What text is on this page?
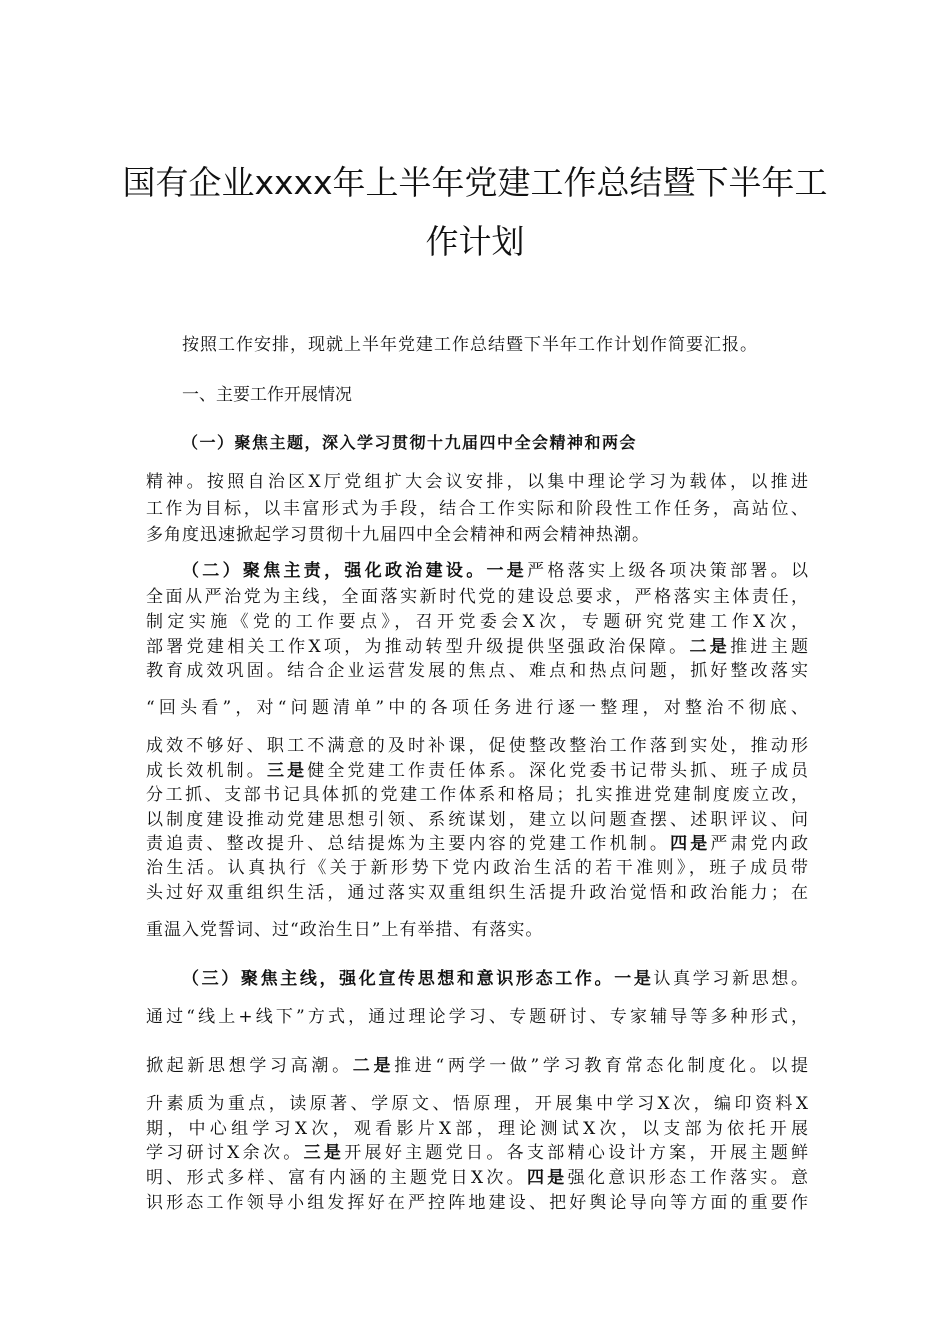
国有企业xxxx年上半年党建工作总结暨下半年工
作计划
按照工作安排，现就上半年党建工作总结暨下半年工作计划作简要汇报。
一、主要工作开展情况
（一）聚焦主题，深入学习贯彻十九届四中全会精神和两会
精神。按照自治区X厅党组扩大会议安排，以集中理论学习为载体，以推进
工作为目标，以丰富形式为手段，结合工作实际和阶段性工作任务，高站位、
多角度迅速掀起学习贯彻十九届四中全会精神和两会精神热潮。
（二）聚焦主责，强化政治建设。一是严格落实上级各项决策部署。以
全面从严治党为主线，全面落实新时代党的建设总要求，严格落实主体责任，
制定实施《党的工作要点》，召开党委会X次，专题研究党建工作X次，
部署党建相关工作X项，为推动转型升级提供坚强政治保障。二是推进主题
教育成效巩固。结合企业运营发展的焦点、难点和热点问题，抓好整改落实
“回头看”，对“问题清单”中的各项任务进行逐一整理，对整治不彻底、
成效不够好、职工不满意的及时补课，促使整改整治工作落到实处，推动形
成长效机制。三是健全党建工作责任体系。深化党委书记带头抓、班子成员
分工抓、支部书记具体抓的党建工作体系和格局；扎实推进党建制度废立改，
以制度建设推动党建思想引领、系统谋划，建立以问题查摆、述职评议、问
责追责、整改提升、总结提炼为主要内容的党建工作机制。四是严肃党内政
治生活。认真执行《关于新形势下党内政治生活的若干准则》，班子成员带
头过好双重组织生活，通过落实双重组织生活提升政治觉悟和政治能力；在
重温入党誓词、过“政治生日”上有举措、有落实。
（三）聚焦主线，强化宣传思想和意识形态工作。一是认真学习新思想。
通过“线上+线下”方式，通过理论学习、专题研讨、专家辅导等多种形式，
掀起新思想学习高潮。二是推进“两学一做”学习教育常态化制度化。以提
升素质为重点，读原著、学原文、悟原理，开展集中学习X次，编印资料X
期，中心组学习X次，观看影片X部，理论测试X次，以支部为依托开展
学习研讨X余次。三是开展好主题党日。各支部精心设计方案，开展主题鲜
明、形式多样、富有内涵的主题党日X次。四是强化意识形态工作落实。意
识形态工作领导小组发挥好在严控阵地建设、把好舆论导向等方面的重要作
